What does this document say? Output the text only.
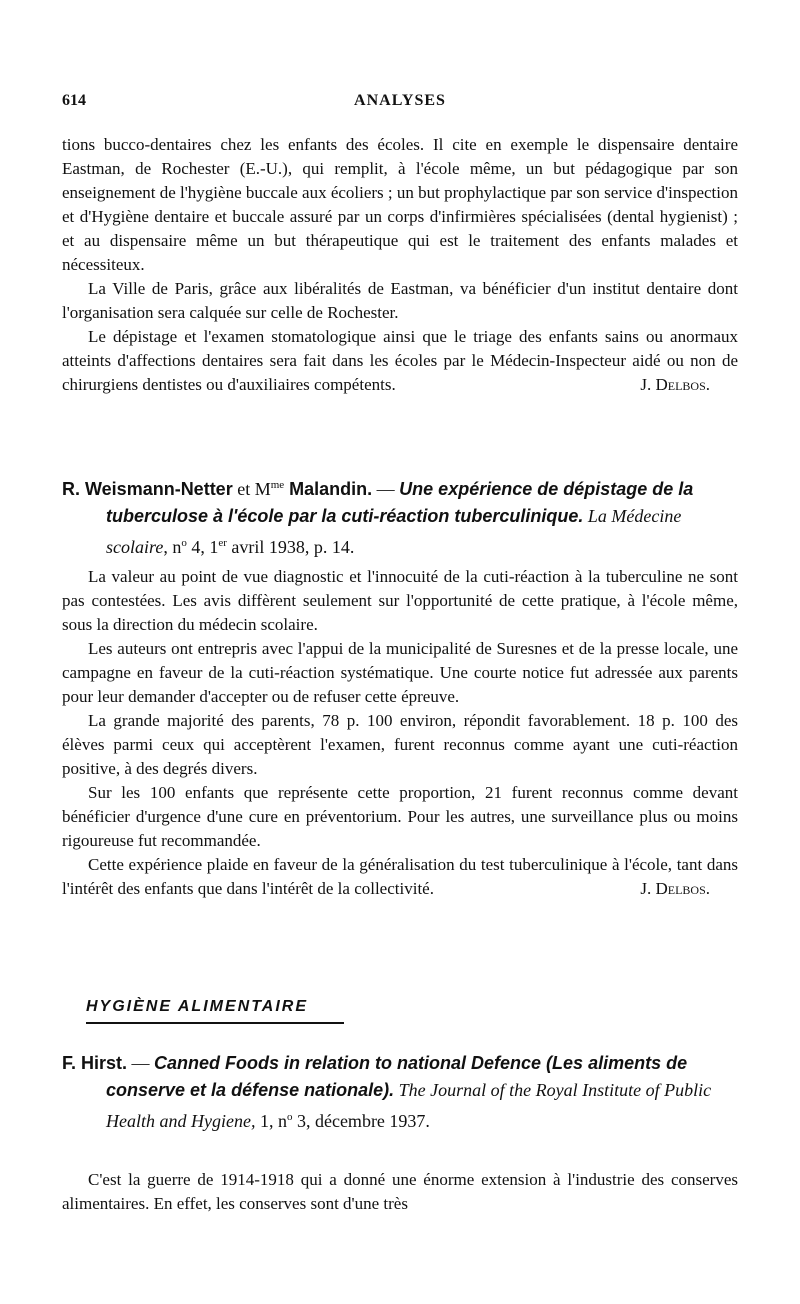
614	ANALYSES

tions bucco-dentaires chez les enfants des écoles. Il cite en exemple le dispensaire dentaire Eastman, de Rochester (E.-U.), qui remplit, à l'école même, un but pédagogique par son enseignement de l'hygiène buccale aux écoliers ; un but prophylactique par son service d'inspection et d'Hygiène dentaire et buccale assuré par un corps d'infirmières spécialisées (dental hygienist) ; et au dispensaire même un but thérapeutique qui est le traitement des enfants malades et nécessiteux.

La Ville de Paris, grâce aux libéralités de Eastman, va bénéficier d'un institut dentaire dont l'organisation sera calquée sur celle de Rochester.

Le dépistage et l'examen stomatologique ainsi que le triage des enfants sains ou anormaux atteints d'affections dentaires sera fait dans les écoles par le Médecin-Inspecteur aidé ou non de chirurgiens dentistes ou d'auxiliaires compétents.	J. Delbos.

R. Weismann-Netter et $M^{me}$ Malandin. — Une expérience de dépistage de la tuberculose à l'école par la cuti-réaction tuberculinique. La Médecine scolaire, $n^o$ 4, 1er avril 1938, p. 14.

La valeur au point de vue diagnostic et l'innocuité de la cuti-réaction à la tuberculine ne sont pas contestées. Les avis diffèrent seulement sur l'opportunité de cette pratique, à l'école même, sous la direction du médecin scolaire.

Les auteurs ont entrepris avec l'appui de la municipalité de Suresnes et de la presse locale, une campagne en faveur de la cuti-réaction systématique. Une courte notice fut adressée aux parents pour leur demander d'accepter ou de refuser cette épreuve.

La grande majorité des parents, 78 p. 100 environ, répondit favorablement. 18 p. 100 des élèves parmi ceux qui acceptèrent l'examen, furent reconnus comme ayant une cuti-réaction positive, à des degrés divers.

Sur les 100 enfants que représente cette proportion, 21 furent reconnus comme devant bénéficier d'urgence d'une cure en préventorium. Pour les autres, une surveillance plus ou moins rigoureuse fut recommandée.

Cette expérience plaide en faveur de la généralisation du test tuberculinique à l'école, tant dans l'intérêt des enfants que dans l'intérêt de la collectivité.	J. Delbos.

HYGIÈNE ALIMENTAIRE
F. Hirst. — Canned Foods in relation to national Defence (Les aliments de conserve et la défense nationale). The Journal of the Royal Institute of Public Health and Hygiene, 1, $n^o$ 3, décembre 1937.

C'est la guerre de 1914-1918 qui a donné une énorme extension à l'industrie des conserves alimentaires. En effet, les conserves sont d'une très
